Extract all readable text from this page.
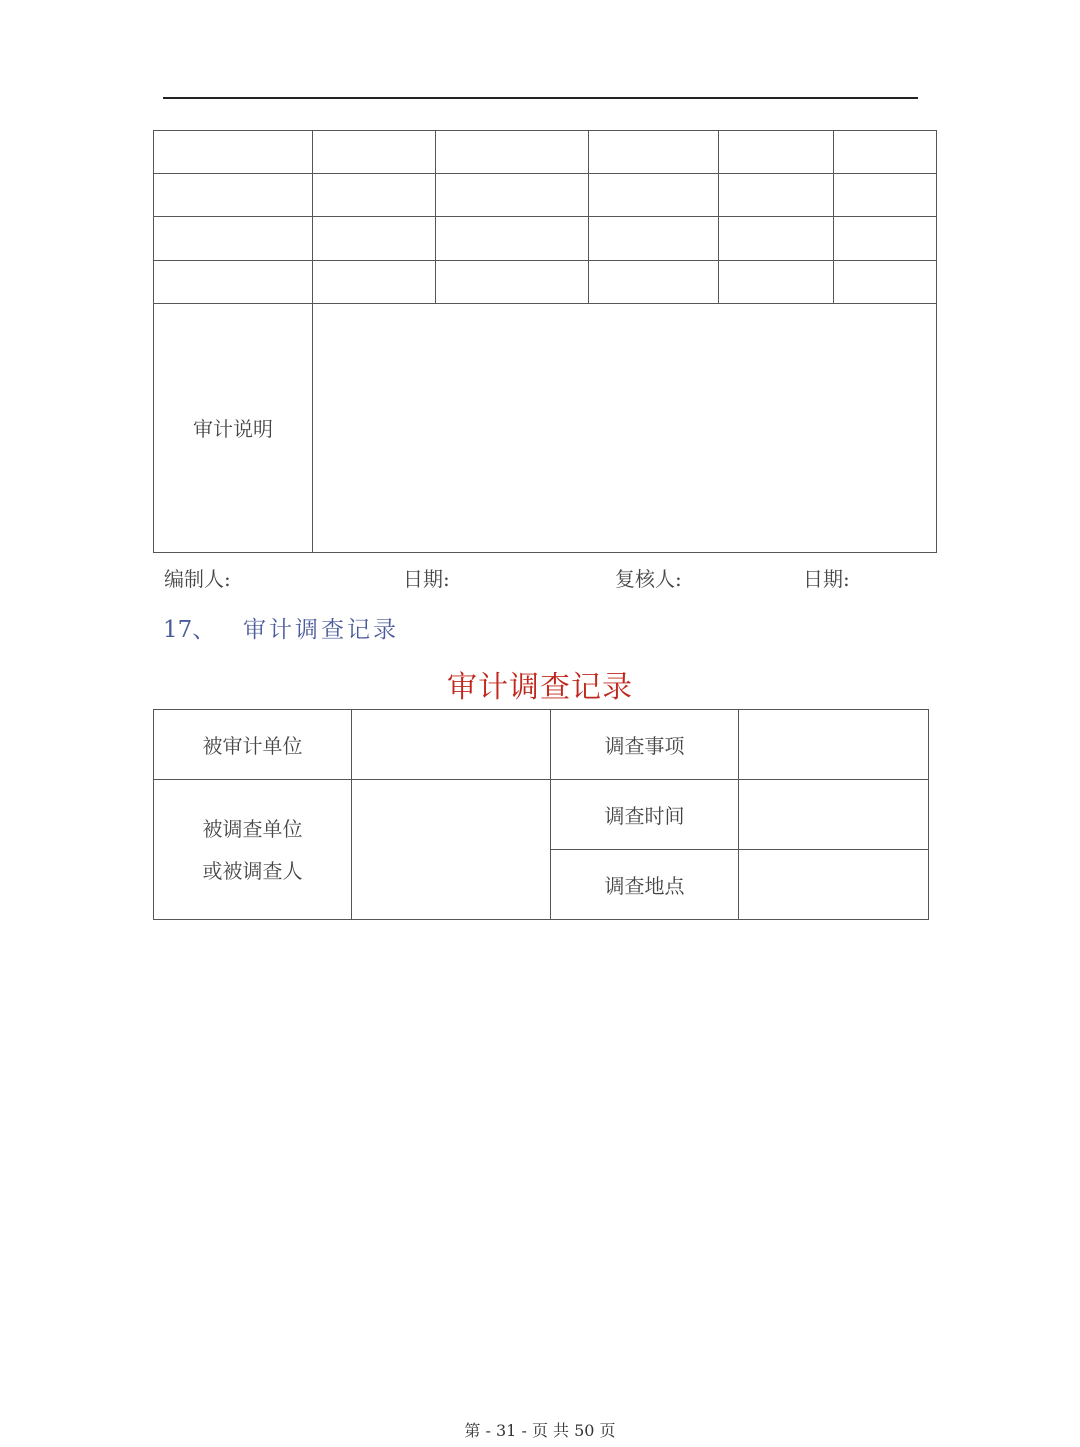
审计说明					
编制人:	日期:	复核人:	日期:
17、 审计调查记录
审计调查记录
被审计单位		调查事项	

被调查单位
或被调查人		调查时间	
		调查地点	
第 - 31 - 页 共 50 页
